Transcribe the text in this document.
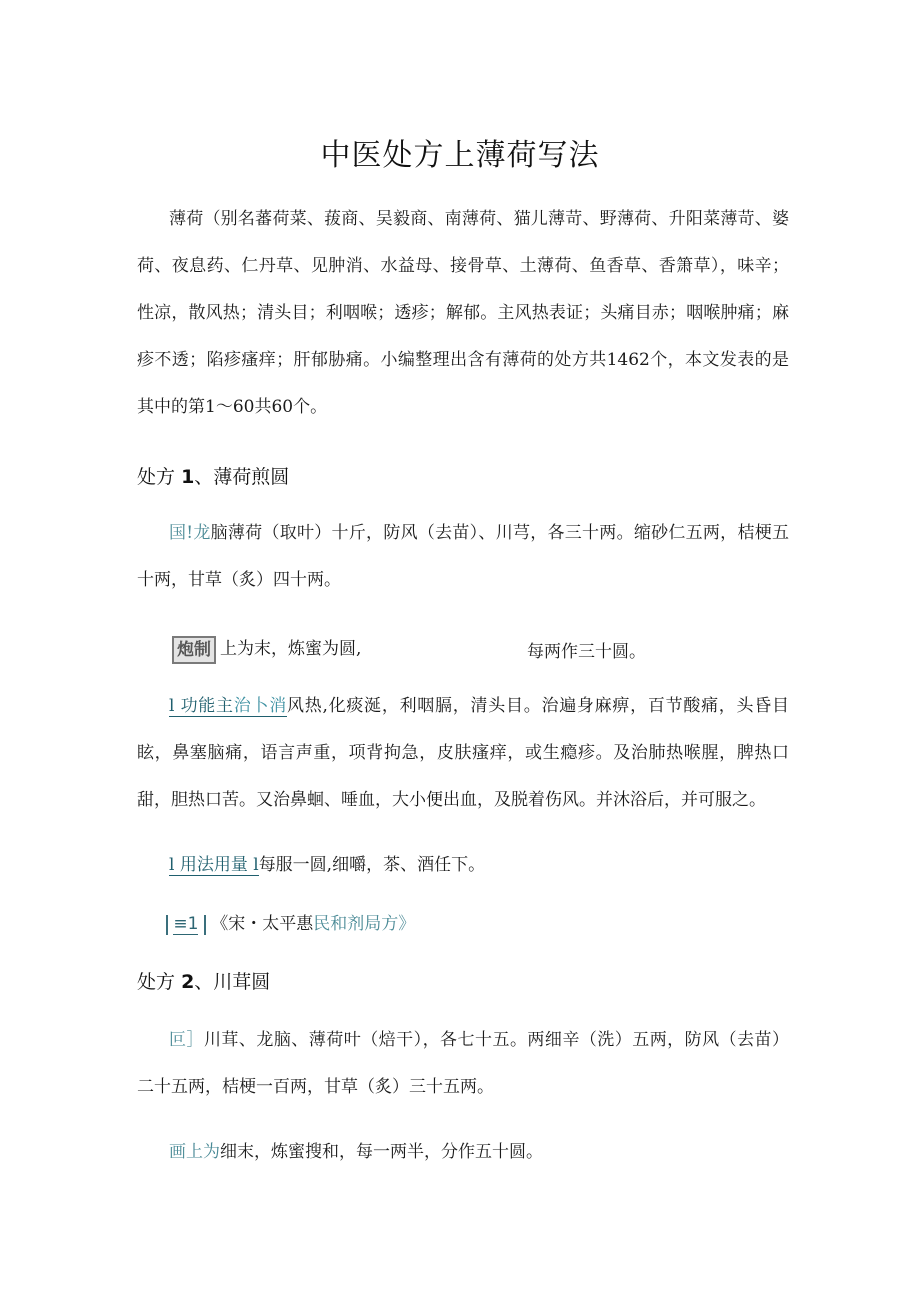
中医处方上薄荷写法
薄荷（别名蕃荷菜、菝商、吴毅商、南薄荷、猫儿薄苛、野薄荷、升阳菜薄苛、婆荷、夜息药、仁丹草、见肿消、水益母、接骨草、土薄荷、鱼香草、香箫草），味辛；性凉，散风热；清头目；利咽喉；透疹；解郁。主风热表证；头痛目赤；咽喉肿痛；麻疹不透；陷疹瘙痒；肝郁胁痛。小编整理出含有薄荷的处方共1462个，本文发表的是其中的第1～60共60个。
处方 1、薄荷煎圆
国!龙脑薄荷（取叶）十斤，防风（去苗）、川芎，各三十两。缩砂仁五两，桔梗五十两，甘草（炙）四十两。
炮制 上为末，炼蜜为圆,	每两作三十圆。
l 功能主治卜消风热,化痰涎，利咽膈，清头目。治遍身麻痹，百节酸痛，头昏目眩，鼻塞脑痛，语言声重，项背拘急，皮肤瘙痒，或生瘾疹。及治肺热喉腥，脾热口甜，胆热口苦。又治鼻蛔、唾血，大小便出血，及脱着伤风。并沐浴后，并可服之。
l 用法用量 l每服一圆,细嚼，茶、酒任下。
≡1 《宋・太平惠民和剂局方》
处方 2、川茸圆
叵］川茸、龙脑、薄荷叶（焙干），各七十五。两细辛（洗）五两，防风（去苗）二十五两，桔梗一百两，甘草（炙）三十五两。
画上为细末，炼蜜搜和，每一两半，分作五十圆。
